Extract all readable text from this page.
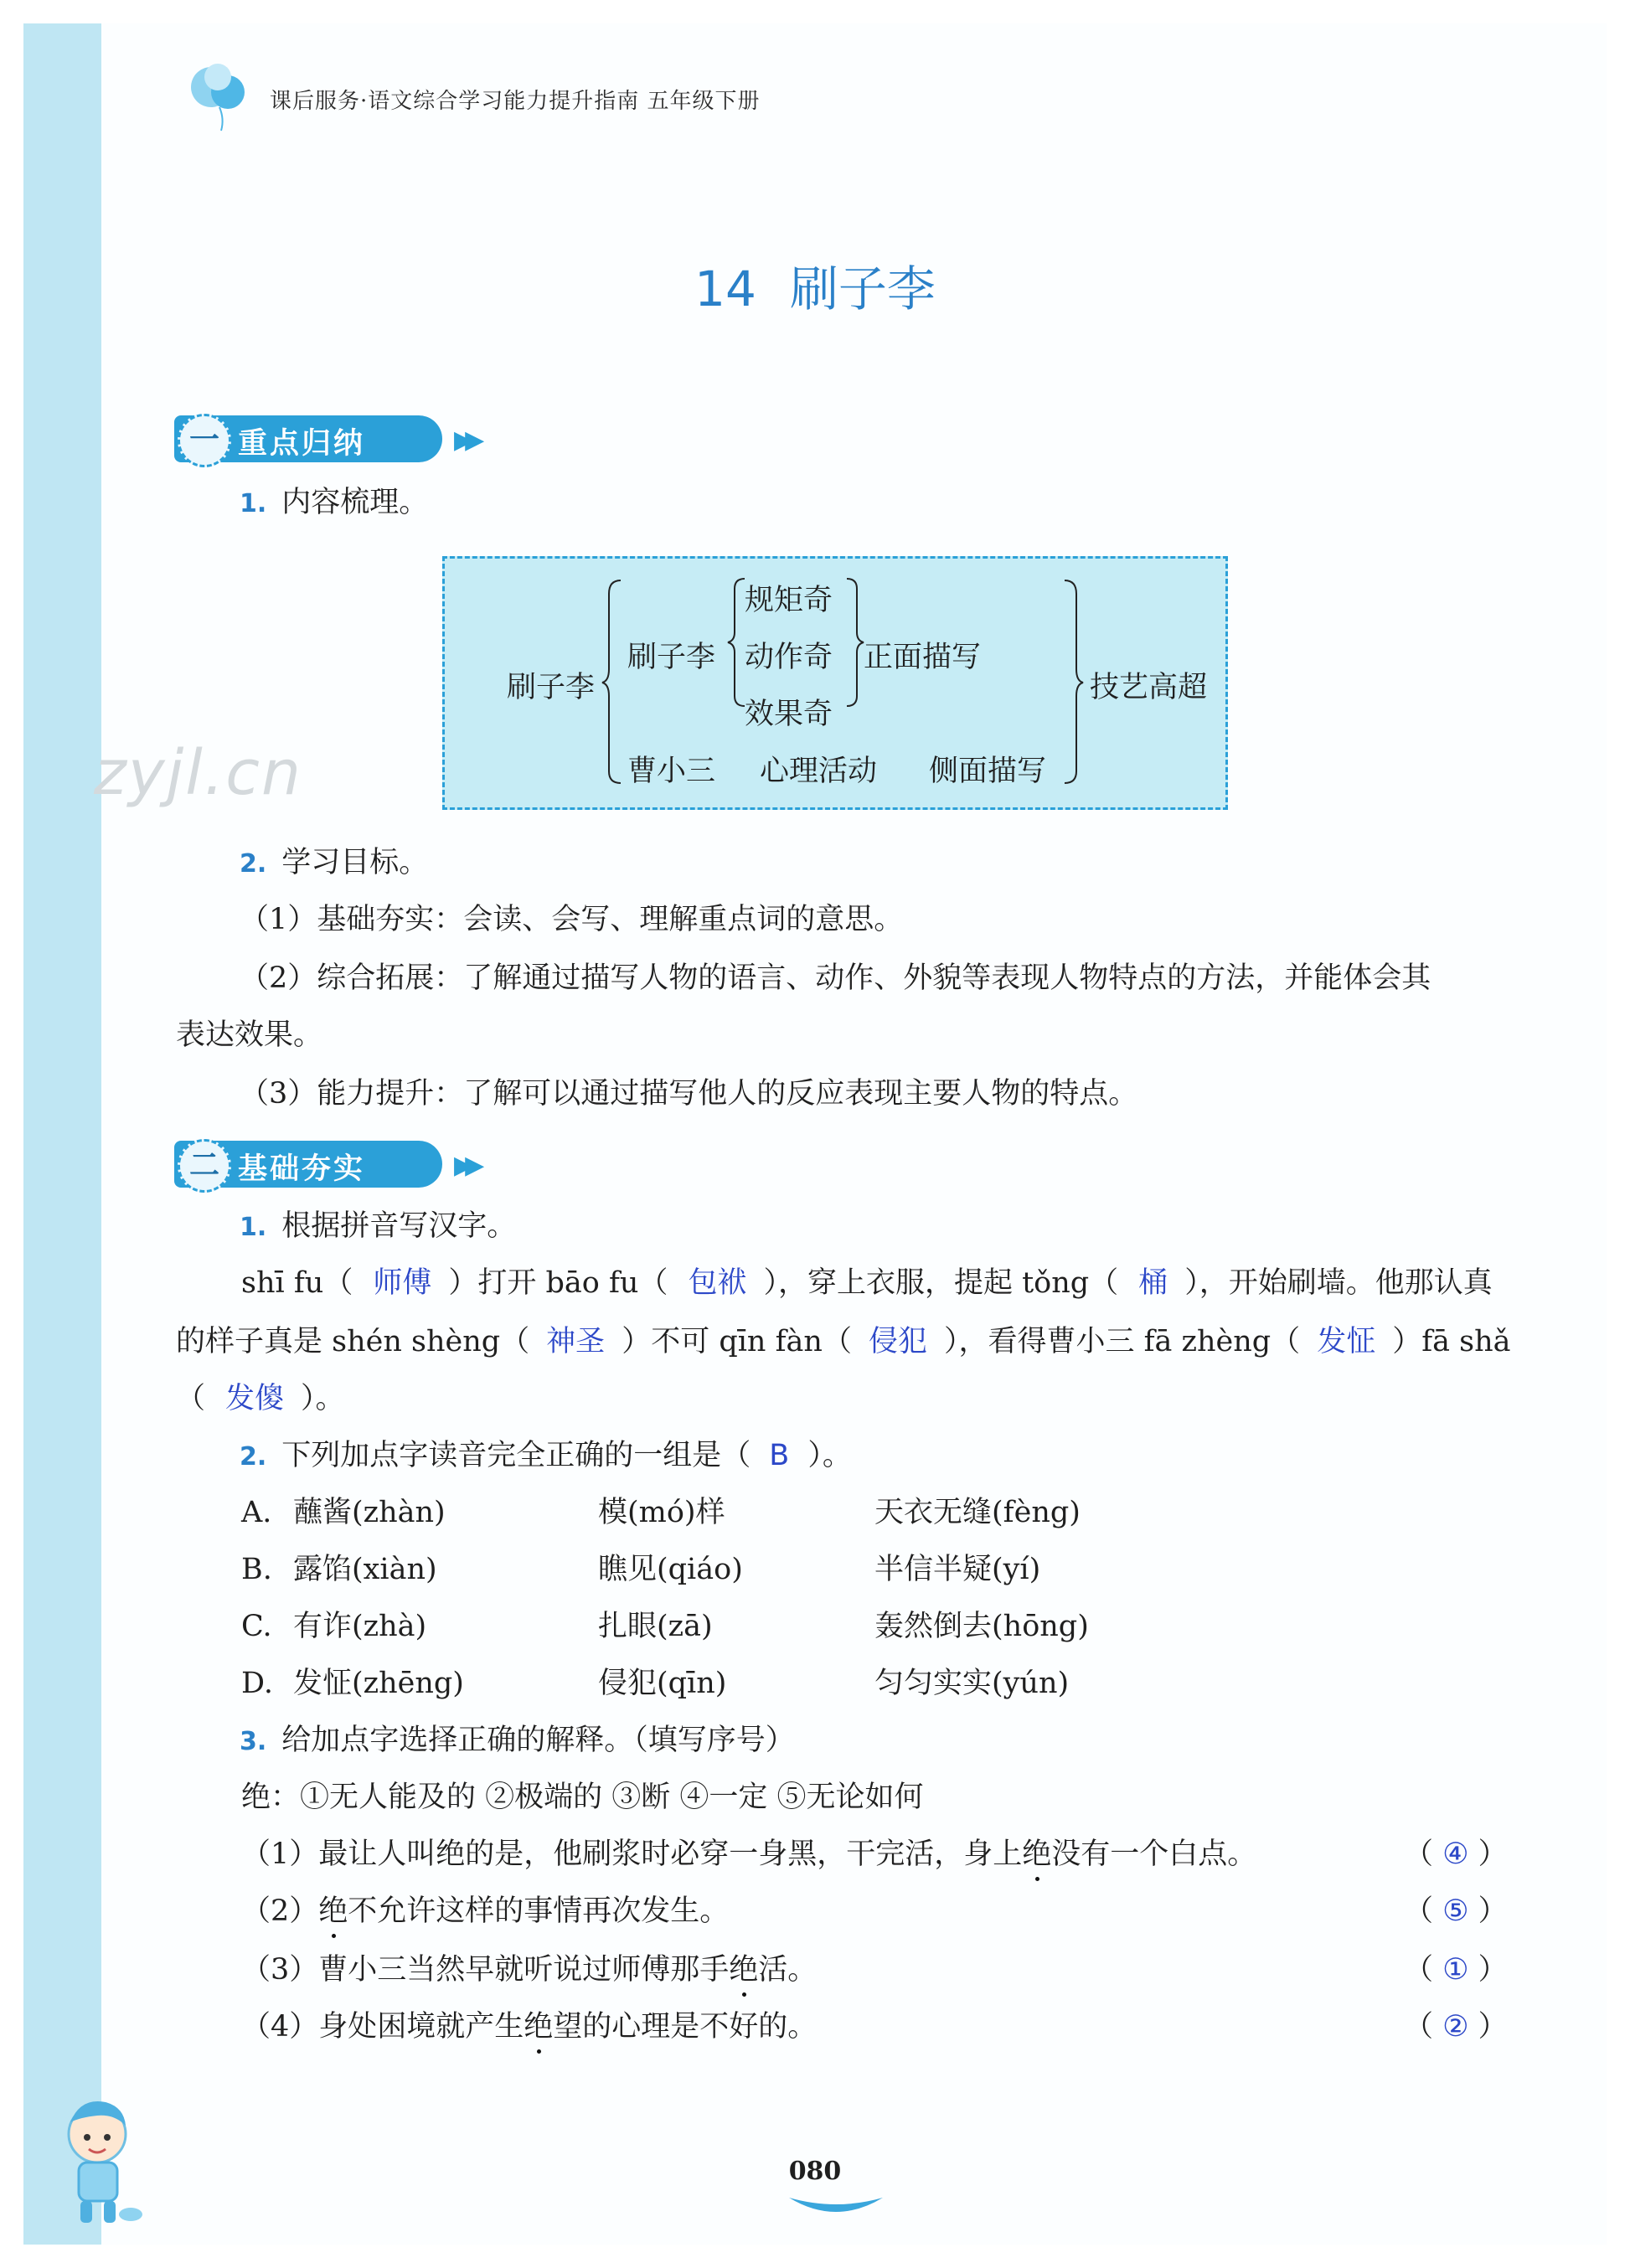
课后服务·语文综合学习能力提升指南 五年级下册
14 刷子李
一 重点归纳	▶▶
1. 内容梳理。
刷子李
刷子李
规矩奇
动作奇
效果奇
正面描写
曹小三 心理活动 侧面描写
技艺高超
zyjl.cn
2. 学习目标。
（1）基础夯实：会读、会写、理解重点词的意思。
（2）综合拓展：了解通过描写人物的语言、动作、外貌等表现人物特点的方法，并能体会其
表达效果。
（3）能力提升：了解可以通过描写他人的反应表现主要人物的特点。
二 基础夯实	▶▶
1. 根据拼音写汉字。
shī fu（ 师傅 ）打开 bāo fu（ 包袱 ），穿上衣服，提起 tǒng（ 桶 ），开始刷墙。他那认真
的样子真是 shén shèng（ 神圣 ）不可 qīn fàn（ 侵犯 ），看得曹小三 fā zhèng（ 发怔 ）fā shǎ
（ 发傻 ）。
2. 下列加点字读音完全正确的一组是（ B ）。
A. 蘸酱(zhàn)	模(mó)样	天衣无缝(fèng)
B. 露馅(xiàn)	瞧见(qiáo)	半信半疑(yí)
C. 有诈(zhà)	扎眼(zā)	轰然倒去(hōng)
D. 发怔(zhēng)	侵犯(qīn)	匀匀实实(yún)
3. 给加点字选择正确的解释。（填写序号）
绝：①无人能及的 ②极端的 ③断 ④一定 ⑤无论如何
（1）最让人叫绝的是，他刷浆时必穿一身黑，干完活，身上绝没有一个白点。	（ ④ ）
（2）绝不允许这样的事情再次发生。	（ ⑤ ）
（3）曹小三当然早就听说过师傅那手绝活。	（ ① ）
（4）身处困境就产生绝望的心理是不好的。	（ ② ）
080
